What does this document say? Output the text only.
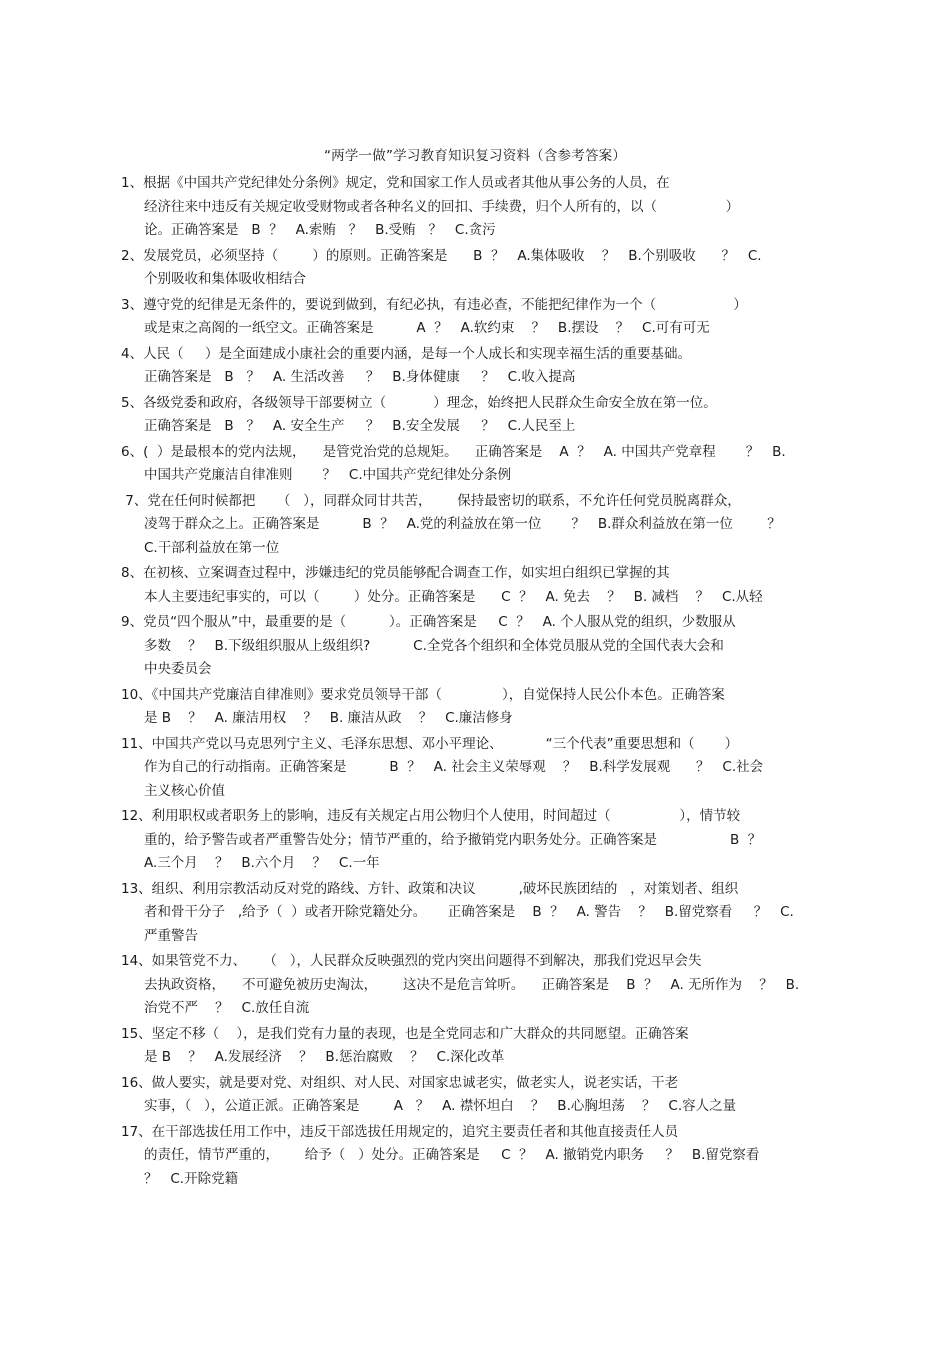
“两学一做”学习教育知识复习资料（含参考答案）
1、根据《中国共产党纪律处分条例》规定，党和国家工作人员或者其他从事公务的人员，在
经济往来中违反有关规定收受财物或者各种名义的回扣、手续费，归个人所有的，以（                ）
论。正确答案是   B  ？   A.索贿   ？   B.受贿   ？   C.贪污
2、发展党员，必须坚持（        ）的原则。正确答案是      B  ？   A.集体吸收    ？   B.个别吸收      ？   C.
个别吸收和集体吸收相结合
3、遵守党的纪律是无条件的，要说到做到，有纪必执，有违必查，不能把纪律作为一个（                  ）
或是束之高阁的一纸空文。正确答案是          A  ？   A.软约束    ？   B.摆设    ？   C.可有可无
4、人民（     ）是全面建成小康社会的重要内涵，是每一个人成长和实现幸福生活的重要基础。
正确答案是   B   ？   A. 生活改善     ？   B.身体健康     ？   C.收入提高
5、各级党委和政府，各级领导干部要树立（           ）理念，始终把人民群众生命安全放在第一位。
正确答案是   B   ？   A. 安全生产     ？   B.安全发展     ？   C.人民至上
6、(  ）是最根本的党内法规，    是管党治党的总规矩。    正确答案是    A  ？   A. 中国共产党章程       ？   B.
中国共产党廉洁自律准则       ？   C.中国共产党纪律处分条例
7、党在任何时候都把     （   ），同群众同甘共苦，      保持最密切的联系，不允许任何党员脱离群众，
凌驾于群众之上。正确答案是          B  ？   A.党的利益放在第一位       ？   B.群众利益放在第一位        ？
C.干部利益放在第一位
8、在初核、立案调查过程中，涉嫌违纪的党员能够配合调查工作，如实坦白组织已掌握的其
本人主要违纪事实的，可以（        ）处分。正确答案是      C  ？   A. 免去    ？   B. 减档    ？   C.从轻
9、党员“四个服从”中，最重要的是（          ）。正确答案是     C  ？   A. 个人服从党的组织，少数服从
多数    ？   B.下级组织服从上级组织?          C.全党各个组织和全体党员服从党的全国代表大会和
中央委员会
10、《中国共产党廉洁自律准则》要求党员领导干部（              ），自觉保持人民公仆本色。正确答案
是 B    ？   A. 廉洁用权    ？   B. 廉洁从政    ？   C.廉洁修身
11、中国共产党以马克思列宁主义、毛泽东思想、邓小平理论、          “三个代表”重要思想和（       ）
作为自己的行动指南。正确答案是          B  ？   A. 社会主义荣辱观    ？   B.科学发展观      ？   C.社会
主义核心价值
12、利用职权或者职务上的影响，违反有关规定占用公物归个人使用，时间超过（                ），情节较
重的，给予警告或者严重警告处分；情节严重的，给予撤销党内职务处分。正确答案是                 B  ？
A.三个月    ？   B.六个月    ？   C.一年
13、组织、利用宗教活动反对党的路线、方针、政策和决议          ,破坏民族团结的   ，对策划者、组织
者和骨干分子   ,给予（  ）或者开除党籍处分。     正确答案是    B  ？   A. 警告    ？   B.留党察看     ？   C.
严重警告
14、如果管党不力、    （   ），人民群众反映强烈的党内突出问题得不到解决，那我们党迟早会失
去执政资格，    不可避免被历史淘汰，      这决不是危言耸听。    正确答案是    B  ？   A. 无所作为    ？   B.
治党不严    ？   C.放任自流
15、坚定不移（    ），是我们党有力量的表现，也是全党同志和广大群众的共同愿望。正确答案
是 B    ？   A.发展经济    ？   B.惩治腐败    ？   C.深化改革
16、做人要实，就是要对党、对组织、对人民、对国家忠诚老实，做老实人，说老实话，干老
实事，（   ），公道正派。正确答案是        A   ？   A. 襟怀坦白    ？   B.心胸坦荡    ？   C.容人之量
17、在干部选拔任用工作中，违反干部选拔任用规定的，追究主要责任者和其他直接责任人员
的责任，情节严重的，      给予（   ）处分。正确答案是     C  ？   A. 撤销党内职务     ？   B.留党察看
？   C.开除党籍
